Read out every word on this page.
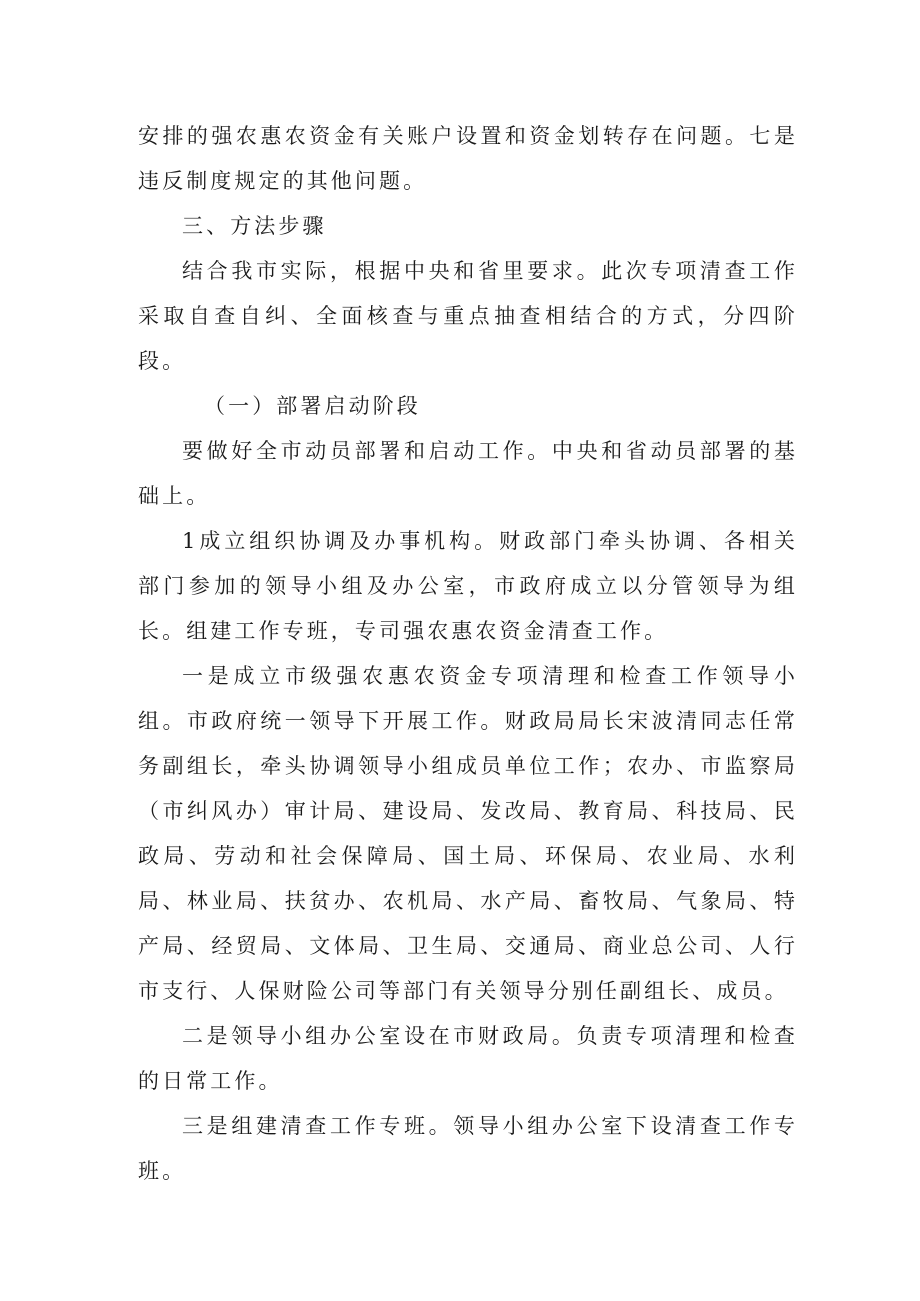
安排的强农惠农资金有关账户设置和资金划转存在问题。七是违反制度规定的其他问题。

三、方法步骤

结合我市实际，根据中央和省里要求。此次专项清查工作采取自查自纠、全面核查与重点抽查相结合的方式，分四阶段。

（一）部署启动阶段

要做好全市动员部署和启动工作。中央和省动员部署的基础上。

1成立组织协调及办事机构。财政部门牵头协调、各相关部门参加的领导小组及办公室，市政府成立以分管领导为组长。组建工作专班，专司强农惠农资金清查工作。

一是成立市级强农惠农资金专项清理和检查工作领导小组。市政府统一领导下开展工作。财政局局长宋波清同志任常务副组长，牵头协调领导小组成员单位工作；农办、市监察局（市纠风办）审计局、建设局、发改局、教育局、科技局、民政局、劳动和社会保障局、国土局、环保局、农业局、水利局、林业局、扶贫办、农机局、水产局、畜牧局、气象局、特产局、经贸局、文体局、卫生局、交通局、商业总公司、人行市支行、人保财险公司等部门有关领导分别任副组长、成员。

二是领导小组办公室设在市财政局。负责专项清理和检查的日常工作。

三是组建清查工作专班。领导小组办公室下设清查工作专班。
